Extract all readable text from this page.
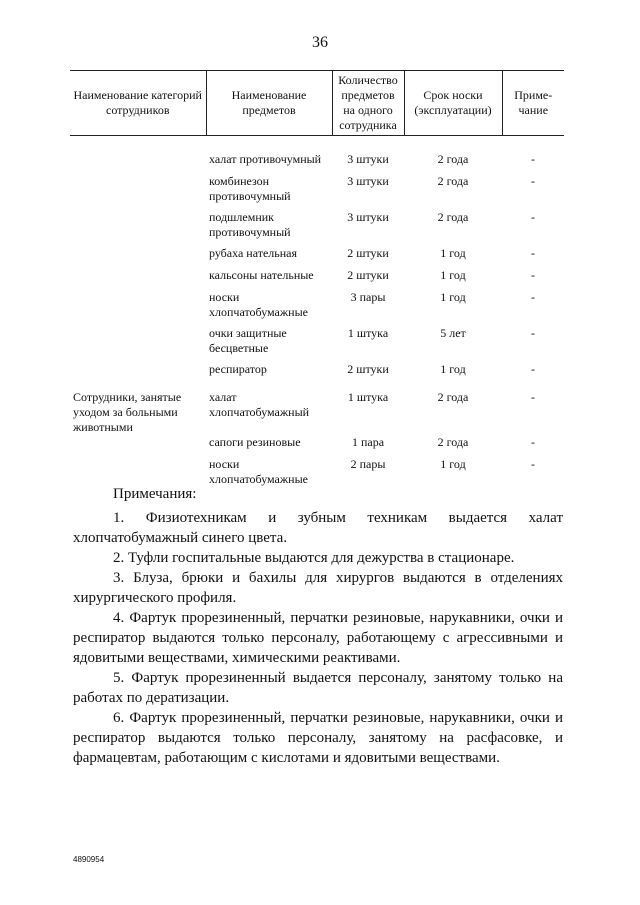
36
Наименование категорий сотрудников	Наименование предметов	Количество предметов на одного сотрудника	Срок носки (эксплуатации)	Приме-чание
	халат противочумный	3 штуки	2 года	-
	комбинезон противочумный	3 штуки	2 года	-
	подшлемник противочумный	3 штуки	2 года	-
	рубаха нательная	2 штуки	1 год	-
	кальсоны нательные	2 штуки	1 год	-
	носки хлопчатобумажные	3 пары	1 год	-
	очки защитные бесцветные	1 штука	5 лет	-
	респиратор	2 штуки	1 год	-
Сотрудники, занятые уходом за больными животными	халат хлопчатобумажный	1 штука	2 года	-
	сапоги резиновые	1 пара	2 года	-
	носки хлопчатобумажные	2 пары	1 год	-

Примечания:

1. Физиотехникам и зубным техникам выдается халат хлопчатобумажный синего цвета.

2. Туфли госпитальные выдаются для дежурства в стационаре.

3. Блуза, брюки и бахилы для хирургов выдаются в отделениях хирургического профиля.

4. Фартук прорезиненный, перчатки резиновые, нарукавники, очки и респиратор выдаются только персоналу, работающему с агрессивными и ядовитыми веществами, химическими реактивами.

5. Фартук прорезиненный выдается персоналу, занятому только на работах по дератизации.

6. Фартук прорезиненный, перчатки резиновые, нарукавники, очки и респиратор выдаются только персоналу, занятому на расфасовке, и фармацевтам, работающим с кислотами и ядовитыми веществами.

4890954
